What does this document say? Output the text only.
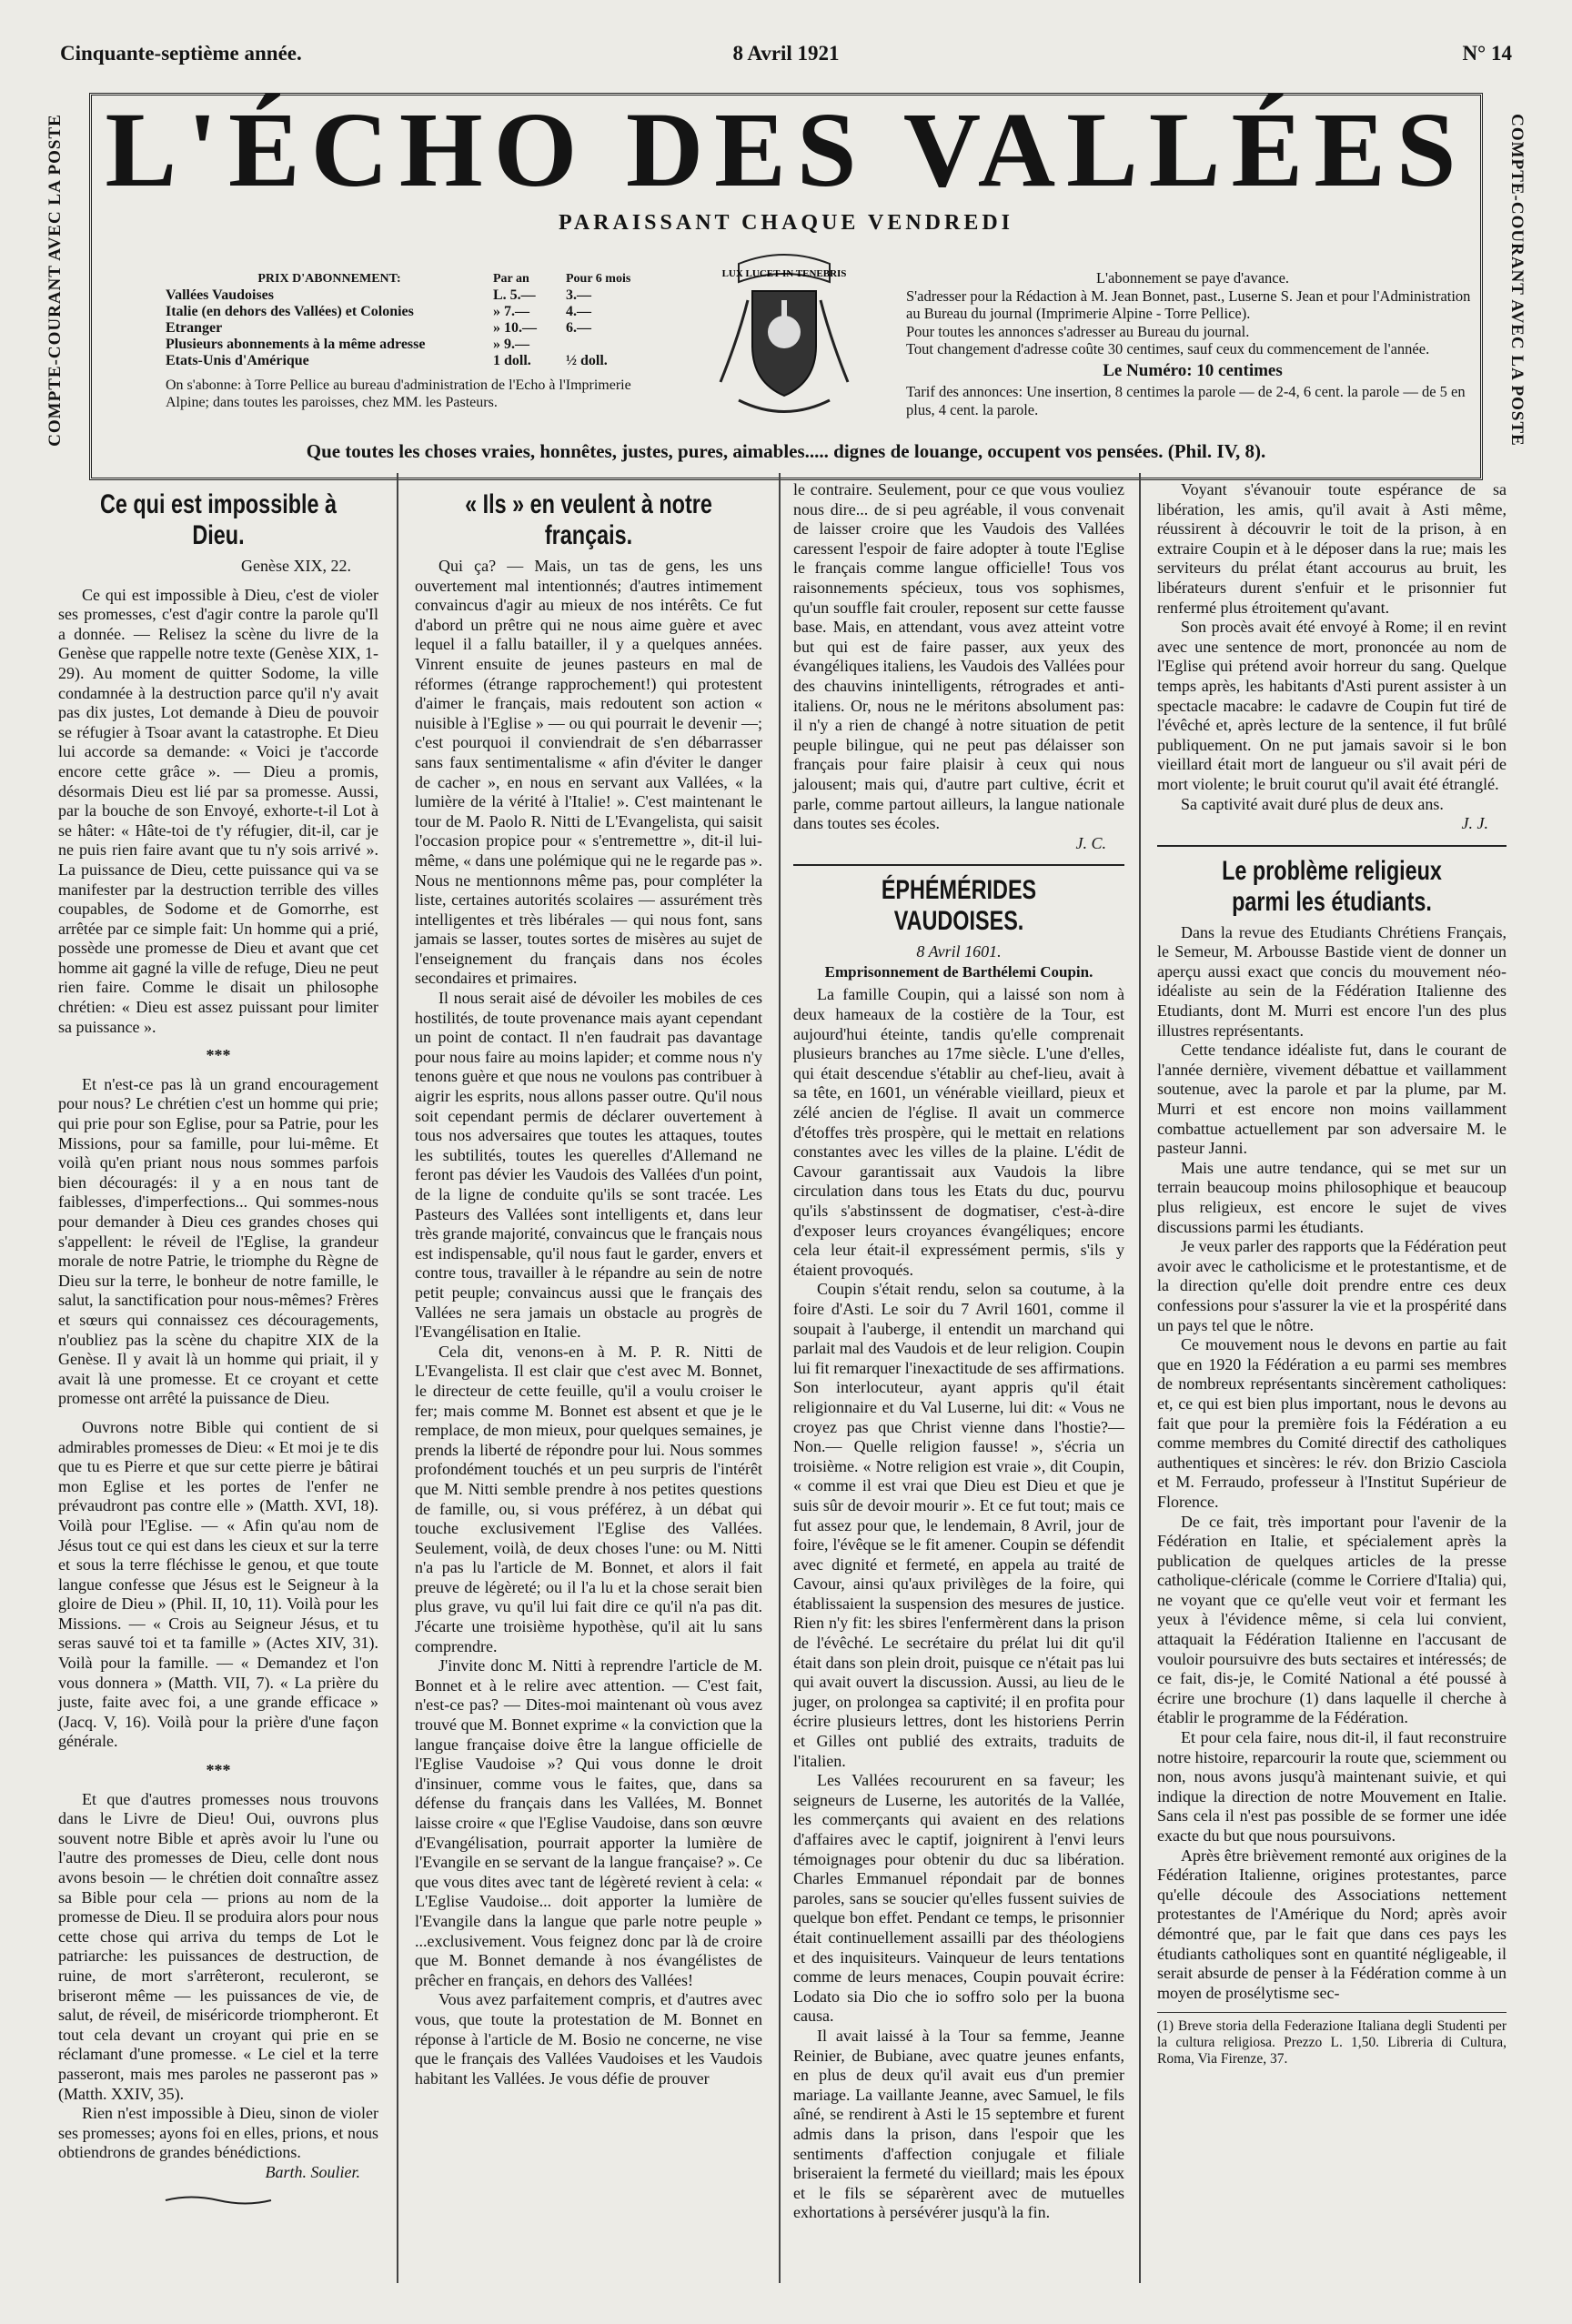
Cinquante-septième année.	8 Avril 1921	N° 14
COMPTE-COURANT AVEC LA POSTE	COMPTE-COURANT AVEC LA POSTE
L'ÉCHO DES VALLÉES
PARAISSANT CHAQUE VENDREDI
PRIX D'ABONNEMENT:	Par an	Pour 6 mois
Vallées Vaudoises	L. 5.—	3.—
Italie (en dehors des Vallées) et Colonies	» 7.—	4.—
Etranger	» 10.—	6.—
Plusieurs abonnements à la même adresse	» 9.—
Etats-Unis d'Amérique	1 doll.	½ doll.
On s'abonne: à Torre Pellice au bureau d'administration de l'Echo à l'Imprimerie Alpine; dans toutes les paroisses, chez MM. les Pasteurs.
LUX LUCET IN TENEBRIS	L'abonnement se paye d'avance.

S'adresser pour la Rédaction à M. Jean Bonnet, past., Luserne S. Jean et pour l'Administration au Bureau du journal (Imprimerie Alpine - Torre Pellice).

Pour toutes les annonces s'adresser au Bureau du journal.

Tout changement d'adresse coûte 30 centimes, sauf ceux du commencement de l'année.

Le Numéro: 10 centimes

Tarif des annonces: Une insertion, 8 centimes la parole — de 2-4, 6 cent. la parole — de 5 en plus, 4 cent. la parole.

Que toutes les choses vraies, honnêtes, justes, pures, aimables..... dignes de louange, occupent vos pensées. (Phil. IV, 8).
Ce qui est impossible à Dieu.
Genèse XIX, 22.

Ce qui est impossible à Dieu, c'est de violer ses promesses, c'est d'agir contre la parole qu'Il a donnée. — Relisez la scène du livre de la Genèse que rappelle notre texte (Genèse XIX, 1-29). Au moment de quitter Sodome, la ville condamnée à la destruction parce qu'il n'y avait pas dix justes, Lot demande à Dieu de pouvoir se réfugier à Tsoar avant la catastrophe. Et Dieu lui accorde sa demande: « Voici je t'accorde encore cette grâce ». — Dieu a promis, désormais Dieu est lié par sa promesse. Aussi, par la bouche de son Envoyé, exhorte-t-il Lot à se hâter: « Hâte-toi de t'y réfugier, dit-il, car je ne puis rien faire avant que tu n'y sois arrivé ». La puissance de Dieu, cette puissance qui va se manifester par la destruction terrible des villes coupables, de Sodome et de Gomorrhe, est arrêtée par ce simple fait: Un homme qui a prié, possède une promesse de Dieu et avant que cet homme ait gagné la ville de refuge, Dieu ne peut rien faire. Comme le disait un philosophe chrétien: « Dieu est assez puissant pour limiter sa puissance ».

***

Et n'est-ce pas là un grand encouragement pour nous? Le chrétien c'est un homme qui prie; qui prie pour son Eglise, pour sa Patrie, pour les Missions, pour sa famille, pour lui-même. Et voilà qu'en priant nous nous sommes parfois bien découragés: il y a en nous tant de faiblesses, d'imperfections... Qui sommes-nous pour demander à Dieu ces grandes choses qui s'appellent: le réveil de l'Eglise, la grandeur morale de notre Patrie, le triomphe du Règne de Dieu sur la terre, le bonheur de notre famille, le salut, la sanctification pour nous-mêmes? Frères et sœurs qui connaissez ces découragements, n'oubliez pas la scène du chapitre XIX de la Genèse. Il y avait là un homme qui priait, il y avait là une promesse. Et ce croyant et cette promesse ont arrêté la puissance de Dieu.

Ouvrons notre Bible qui contient de si admirables promesses de Dieu: « Et moi je te dis que tu es Pierre et que sur cette pierre je bâtirai mon Eglise et les portes de l'enfer ne prévaudront pas contre elle » (Matth. XVI, 18). Voilà pour l'Eglise. — « Afin qu'au nom de Jésus tout ce qui est dans les cieux et sur la terre et sous la terre fléchisse le genou, et que toute langue confesse que Jésus est le Seigneur à la gloire de Dieu » (Phil. II, 10, 11). Voilà pour les Missions. — « Crois au Seigneur Jésus, et tu seras sauvé toi et ta famille » (Actes XIV, 31). Voilà pour la famille. — « Demandez et l'on vous donnera » (Matth. VII, 7). « La prière du juste, faite avec foi, a une grande efficace » (Jacq. V, 16). Voilà pour la prière d'une façon générale.

***

Et que d'autres promesses nous trouvons dans le Livre de Dieu! Oui, ouvrons plus souvent notre Bible et après avoir lu l'une ou l'autre des promesses de Dieu, celle dont nous avons besoin — le chrétien doit connaître assez sa Bible pour cela — prions au nom de la promesse de Dieu. Il se produira alors pour nous cette chose qui arriva du temps de Lot le patriarche: les puissances de destruction, de ruine, de mort s'arrêteront, reculeront, se briseront même — les puissances de vie, de salut, de réveil, de miséricorde triompheront. Et tout cela devant un croyant qui prie en se réclamant d'une promesse. « Le ciel et la terre passeront, mais mes paroles ne passeront pas » (Matth. XXIV, 35).

Rien n'est impossible à Dieu, sinon de violer ses promesses; ayons foi en elles, prions, et nous obtiendrons de grandes bénédictions.

Barth. Soulier.
« Ils » en veulent à notre français.

Qui ça? — Mais, un tas de gens, les uns ouvertement mal intentionnés; d'autres intimement convaincus d'agir au mieux de nos intérêts. Ce fut d'abord un prêtre qui ne nous aime guère et avec lequel il a fallu batailler, il y a quelques années. Vinrent ensuite de jeunes pasteurs en mal de réformes (étrange rapprochement!) qui protestent d'aimer le français, mais redoutent son action « nuisible à l'Eglise » — ou qui pourrait le devenir —; c'est pourquoi il conviendrait de s'en débarrasser sans faux sentimentalisme « afin d'éviter le danger de cacher », en nous en servant aux Vallées, « la lumière de la vérité à l'Italie! ». C'est maintenant le tour de M. Paolo R. Nitti de L'Evangelista, qui saisit l'occasion propice pour « s'entremettre », dit-il lui-même, « dans une polémique qui ne le regarde pas ». Nous ne mentionnons même pas, pour compléter la liste, certaines autorités scolaires — assurément très intelligentes et très libérales — qui nous font, sans jamais se lasser, toutes sortes de misères au sujet de l'enseignement du français dans nos écoles secondaires et primaires.

Il nous serait aisé de dévoiler les mobiles de ces hostilités, de toute provenance mais ayant cependant un point de contact. Il n'en faudrait pas davantage pour nous faire au moins lapider; et comme nous n'y tenons guère et que nous ne voulons pas contribuer à aigrir les esprits, nous allons passer outre. Qu'il nous soit cependant permis de déclarer ouvertement à tous nos adversaires que toutes les attaques, toutes les subtilités, toutes les querelles d'Allemand ne feront pas dévier les Vaudois des Vallées d'un point, de la ligne de conduite qu'ils se sont tracée. Les Pasteurs des Vallées sont intelligents et, dans leur très grande majorité, convaincus que le français nous est indispensable, qu'il nous faut le garder, envers et contre tous, travailler à le répandre au sein de notre petit peuple; convaincus aussi que le français des Vallées ne sera jamais un obstacle au progrès de l'Evangélisation en Italie.

Cela dit, venons-en à M. P. R. Nitti de L'Evangelista. Il est clair que c'est avec M. Bonnet, le directeur de cette feuille, qu'il a voulu croiser le fer; mais comme M. Bonnet est absent et que je le remplace, de mon mieux, pour quelques semaines, je prends la liberté de répondre pour lui. Nous sommes profondément touchés et un peu surpris de l'intérêt que M. Nitti semble prendre à nos petites questions de famille, ou, si vous préférez, à un débat qui touche exclusivement l'Eglise des Vallées. Seulement, voilà, de deux choses l'une: ou M. Nitti n'a pas lu l'article de M. Bonnet, et alors il fait preuve de légèreté; ou il l'a lu et la chose serait bien plus grave, vu qu'il lui fait dire ce qu'il n'a pas dit. J'écarte une troisième hypothèse, qu'il ait lu sans comprendre.

J'invite donc M. Nitti à reprendre l'article de M. Bonnet et à le relire avec attention. — C'est fait, n'est-ce pas? — Dites-moi maintenant où vous avez trouvé que M. Bonnet exprime « la conviction que la langue française doive être la langue officielle de l'Eglise Vaudoise »? Qui vous donne le droit d'insinuer, comme vous le faites, que, dans sa défense du français dans les Vallées, M. Bonnet laisse croire « que l'Eglise Vaudoise, dans son œuvre d'Evangélisation, pourrait apporter la lumière de l'Evangile en se servant de la langue française? ». Ce que vous dites avec tant de légèreté revient à cela: « L'Eglise Vaudoise... doit apporter la lumière de l'Evangile dans la langue que parle notre peuple » ...exclusivement. Vous feignez donc par là de croire que M. Bonnet demande à nos évangélistes de prêcher en français, en dehors des Vallées!

Vous avez parfaitement compris, et d'autres avec vous, que toute la protestation de M. Bonnet en réponse à l'article de M. Bosio ne concerne, ne vise que le français des Vallées Vaudoises et les Vaudois habitant les Vallées. Je vous défie de prouver

le contraire. Seulement, pour ce que vous vouliez nous dire... de si peu agréable, il vous convenait de laisser croire que les Vaudois des Vallées caressent l'espoir de faire adopter à toute l'Eglise le français comme langue officielle! Tous vos raisonnements spécieux, tous vos sophismes, qu'un souffle fait crouler, reposent sur cette fausse base. Mais, en attendant, vous avez atteint votre but qui est de faire passer, aux yeux des évangéliques italiens, les Vaudois des Vallées pour des chauvins inintelligents, rétrogrades et anti-italiens. Or, nous ne le méritons absolument pas: il n'y a rien de changé à notre situation de petit peuple bilingue, qui ne peut pas délaisser son français pour faire plaisir à ceux qui nous jalousent; mais qui, d'autre part cultive, écrit et parle, comme partout ailleurs, la langue nationale dans toutes ses écoles.

J. C.
ÉPHÉMÉRIDES VAUDOISES.
8 Avril 1601.
Emprisonnement de Barthélemi Coupin.

La famille Coupin, qui a laissé son nom à deux hameaux de la costière de la Tour, est aujourd'hui éteinte, tandis qu'elle comprenait plusieurs branches au 17me siècle. L'une d'elles, qui était descendue s'établir au chef-lieu, avait à sa tête, en 1601, un vénérable vieillard, pieux et zélé ancien de l'église. Il avait un commerce d'étoffes très prospère, qui le mettait en relations constantes avec les villes de la plaine. L'édit de Cavour garantissait aux Vaudois la libre circulation dans tous les Etats du duc, pourvu qu'ils s'abstinssent de dogmatiser, c'est-à-dire d'exposer leurs croyances évangéliques; encore cela leur était-il expressément permis, s'ils y étaient provoqués.

Coupin s'était rendu, selon sa coutume, à la foire d'Asti. Le soir du 7 Avril 1601, comme il soupait à l'auberge, il entendit un marchand qui parlait mal des Vaudois et de leur religion. Coupin lui fit remarquer l'inexactitude de ses affirmations. Son interlocuteur, ayant appris qu'il était religionnaire et du Val Luserne, lui dit: « Vous ne croyez pas que Christ vienne dans l'hostie?— Non.— Quelle religion fausse! », s'écria un troisième. « Notre religion est vraie », dit Coupin, « comme il est vrai que Dieu est Dieu et que je suis sûr de devoir mourir ». Et ce fut tout; mais ce fut assez pour que, le lendemain, 8 Avril, jour de foire, l'évêque se le fit amener. Coupin se défendit avec dignité et fermeté, en appela au traité de Cavour, ainsi qu'aux privilèges de la foire, qui établissaient la suspension des mesures de justice. Rien n'y fit: les sbires l'enfermèrent dans la prison de l'évêché. Le secrétaire du prélat lui dit qu'il était dans son plein droit, puisque ce n'était pas lui qui avait ouvert la discussion. Aussi, au lieu de le juger, on prolongea sa captivité; il en profita pour écrire plusieurs lettres, dont les historiens Perrin et Gilles ont publié des extraits, traduits de l'italien.

Les Vallées recoururent en sa faveur; les seigneurs de Luserne, les autorités de la Vallée, les commerçants qui avaient en des relations d'affaires avec le captif, joignirent à l'envi leurs témoignages pour obtenir du duc sa libération. Charles Emmanuel répondait par de bonnes paroles, sans se soucier qu'elles fussent suivies de quelque bon effet. Pendant ce temps, le prisonnier était continuellement assailli par des théologiens et des inquisiteurs. Vainqueur de leurs tentations comme de leurs menaces, Coupin pouvait écrire: Lodato sia Dio che io soffro solo per la buona causa.

Il avait laissé à la Tour sa femme, Jeanne Reinier, de Bubiane, avec quatre jeunes enfants, en plus de deux qu'il avait eus d'un premier mariage. La vaillante Jeanne, avec Samuel, le fils aîné, se rendirent à Asti le 15 septembre et furent admis dans la prison, dans l'espoir que les sentiments d'affection conjugale et filiale briseraient la fermeté du vieillard; mais les époux et le fils se séparèrent avec de mutuelles exhortations à persévérer jusqu'à la fin.

Voyant s'évanouir toute espérance de sa libération, les amis, qu'il avait à Asti même, réussirent à découvrir le toit de la prison, à en extraire Coupin et à le déposer dans la rue; mais les serviteurs du prélat étant accourus au bruit, les libérateurs durent s'enfuir et le prisonnier fut renfermé plus étroitement qu'avant.

Son procès avait été envoyé à Rome; il en revint avec une sentence de mort, prononcée au nom de l'Eglise qui prétend avoir horreur du sang. Quelque temps après, les habitants d'Asti purent assister à un spectacle macabre: le cadavre de Coupin fut tiré de l'évêché et, après lecture de la sentence, il fut brûlé publiquement. On ne put jamais savoir si le bon vieillard était mort de langueur ou s'il avait péri de mort violente; le bruit courut qu'il avait été étranglé.

Sa captivité avait duré plus de deux ans.

J. J.
Le problème religieux parmi les étudiants.

Dans la revue des Etudiants Chrétiens Français, le Semeur, M. Arbousse Bastide vient de donner un aperçu aussi exact que concis du mouvement néo-idéaliste au sein de la Fédération Italienne des Etudiants, dont M. Murri est encore l'un des plus illustres représentants.

Cette tendance idéaliste fut, dans le courant de l'année dernière, vivement débattue et vaillamment soutenue, avec la parole et par la plume, par M. Murri et est encore non moins vaillamment combattue actuellement par son adversaire M. le pasteur Janni.

Mais une autre tendance, qui se met sur un terrain beaucoup moins philosophique et beaucoup plus religieux, est encore le sujet de vives discussions parmi les étudiants.

Je veux parler des rapports que la Fédération peut avoir avec le catholicisme et le protestantisme, et de la direction qu'elle doit prendre entre ces deux confessions pour s'assurer la vie et la prospérité dans un pays tel que le nôtre.

Ce mouvement nous le devons en partie au fait que en 1920 la Fédération a eu parmi ses membres de nombreux représentants sincèrement catholiques: et, ce qui est bien plus important, nous le devons au fait que pour la première fois la Fédération a eu comme membres du Comité directif des catholiques authentiques et sincères: le rév. don Brizio Casciola et M. Ferraudo, professeur à l'Institut Supérieur de Florence.

De ce fait, très important pour l'avenir de la Fédération en Italie, et spécialement après la publication de quelques articles de la presse catholique-cléricale (comme le Corriere d'Italia) qui, ne voyant que ce qu'elle veut voir et fermant les yeux à l'évidence même, si cela lui convient, attaquait la Fédération Italienne en l'accusant de vouloir poursuivre des buts sectaires et intéressés; de ce fait, dis-je, le Comité National a été poussé à écrire une brochure (1) dans laquelle il cherche à établir le programme de la Fédération.

Et pour cela faire, nous dit-il, il faut reconstruire notre histoire, reparcourir la route que, sciemment ou non, nous avons jusqu'à maintenant suivie, et qui indique la direction de notre Mouvement en Italie. Sans cela il n'est pas possible de se former une idée exacte du but que nous poursuivons.

Après être brièvement remonté aux origines de la Fédération Italienne, origines protestantes, parce qu'elle découle des Associations nettement protestantes de l'Amérique du Nord; après avoir démontré que, par le fait que dans ces pays les étudiants catholiques sont en quantité négligeable, il serait absurde de penser à la Fédération comme à un moyen de prosélytisme sec-

(1) Breve storia della Federazione Italiana degli Studenti per la cultura religiosa. Prezzo L. 1,50. Libreria di Cultura, Roma, Via Firenze, 37.
